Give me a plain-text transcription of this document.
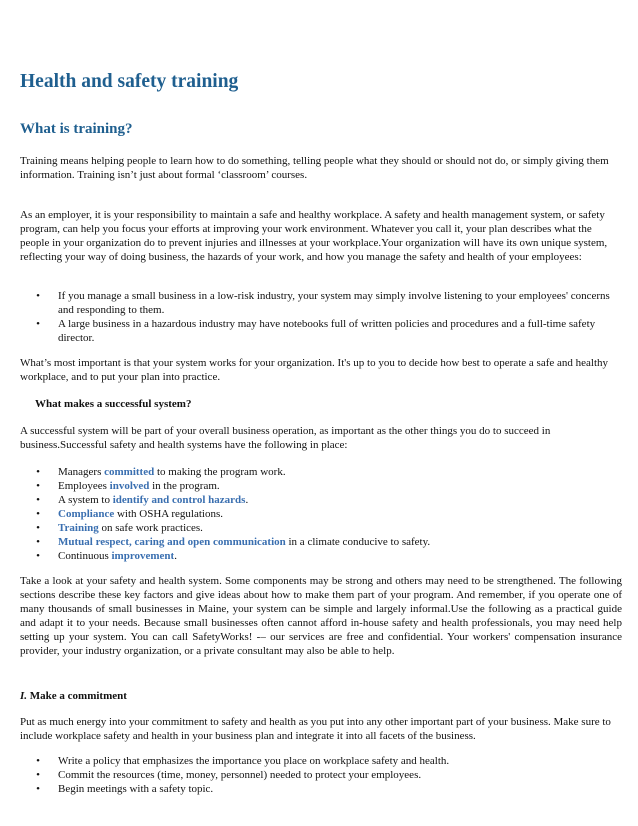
Health and safety training
What is training?

Training means helping people to learn how to do something, telling people what they should or should not do, or simply giving them information. Training isn’t just about formal ‘classroom’ courses.

As an employer, it is your responsibility to maintain a safe and healthy workplace. A safety and health management system, or safety program, can help you focus your efforts at improving your work environment. Whatever you call it, your plan describes what the people in your organization do to prevent injuries and illnesses at your workplace.Your organization will have its own unique system, reflecting your way of doing business, the hazards of your work, and how you manage the safety and health of your employees:

• If you manage a small business in a low-risk industry, your system may simply involve listening to your employees' concerns and responding to them.
• A large business in a hazardous industry may have notebooks full of written policies and procedures and a full-time safety director.

What’s most important is that your system works for your organization. It's up to you to decide how best to operate a safe and healthy workplace, and to put your plan into practice.

What makes a successful system?

A successful system will be part of your overall business operation, as important as the other things you do to succeed in business.Successful safety and health systems have the following in place:

• Managers committed to making the program work.
• Employees involved in the program.
• A system to identify and control hazards.
• Compliance with OSHA regulations.
• Training on safe work practices.
• Mutual respect, caring and open communication in a climate conducive to safety.
• Continuous improvement.

Take a look at your safety and health system. Some components may be strong and others may need to be strengthened. The following sections describe these key factors and give ideas about how to make them part of your program. And remember, if you operate one of many thousands of small businesses in Maine, your system can be simple and largely informal.Use the following as a practical guide and adapt it to your needs. Because small businesses often cannot afford in-house safety and health professionals, you may need help setting up your system. You can call SafetyWorks! -– our services are free and confidential. Your workers' compensation insurance provider, your industry organization, or a private consultant may also be able to help.

I. Make a commitment

Put as much energy into your commitment to safety and health as you put into any other important part of your business. Make sure to include workplace safety and health in your business plan and integrate it into all facets of the business.

• Write a policy that emphasizes the importance you place on workplace safety and health.
• Commit the resources (time, money, personnel) needed to protect your employees.
• Begin meetings with a safety topic.
